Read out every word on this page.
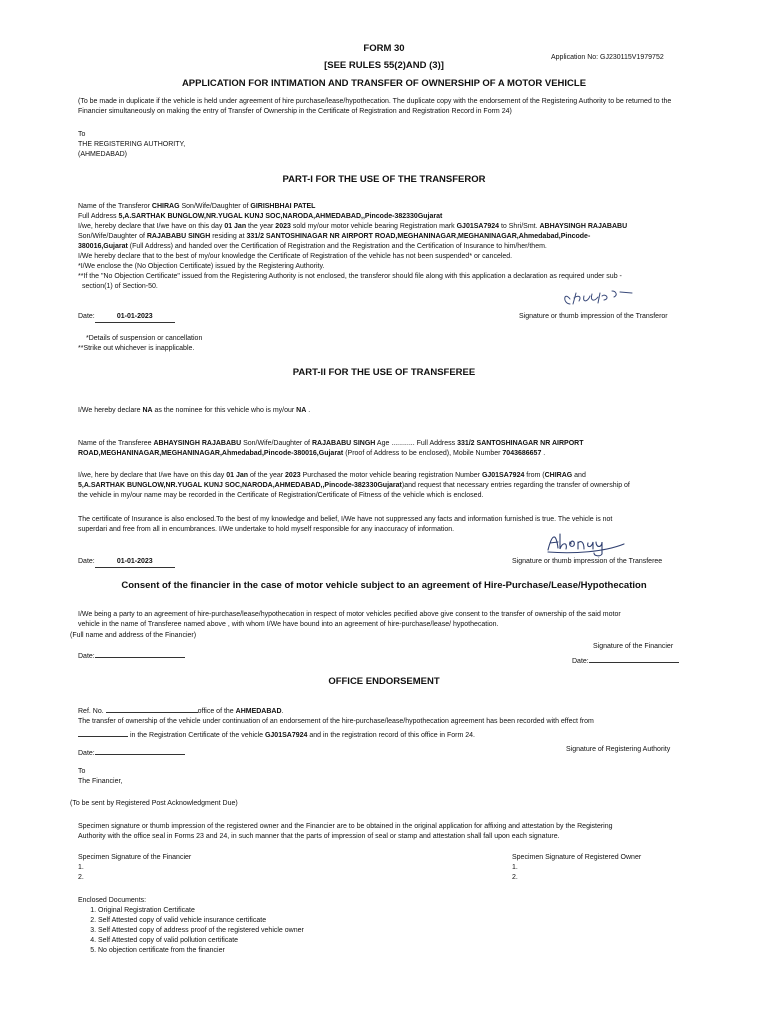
FORM 30
[SEE RULES 55(2)AND (3)]
Application No: GJ230115V1979752
APPLICATION FOR INTIMATION AND TRANSFER OF OWNERSHIP OF A MOTOR VEHICLE
(To be made in duplicate if the vehicle is held under agreement of hire purchase/lease/hypothecation. The duplicate copy with the endorsement of the Registering Authority to be returned to the Financier simultaneously on making the entry of Transfer of Ownership in the Certificate of Registration and Registration Record in Form 24)
To
THE REGISTERING AUTHORITY,
(AHMEDABAD)
PART-I FOR THE USE OF THE TRANSFEROR
Name of the Transferor CHIRAG Son/Wife/Daughter of GIRISHBHAI PATEL
Full Address 5,A.SARTHAK BUNGLOW,NR.YUGAL KUNJ SOC,NARODA,AHMEDABAD,,Pincode-382330Gujarat
I/we, hereby declare that I/we have on this day 01 Jan the year 2023 sold my/our motor vehicle bearing Registration mark GJ01SA7924 to Shri/Smt. ABHAYSINGH RAJABABU
Son/Wife/Daughter of RAJABABU SINGH residing at 331/2 SANTOSHINAGAR NR AIRPORT ROAD,MEGHANINAGAR,MEGHANINAGAR,Ahmedabad,Pincode-
380016,Gujarat (Full Address) and handed over the Certification of Registration and the Registration and the Certification of Insurance to him/her/them.
I/We hereby declare that to the best of my/our knowledge the Certificate of Registration of the vehicle has not been suspended* or canceled.
*I/We enclose the (No Objection Certificate) issued by the Registering Authority.
**If the "No Objection Certificate" issued from the Registering Authority is not enclosed, the transferor should file along with this application a declaration as required under sub -
section(1) of Section-50.
Date:	01-01-2023	Signature or thumb impression of the Transferor
*Details of suspension or cancellation
**Strike out whichever is inapplicable.
PART-II FOR THE USE OF TRANSFEREE
I/We hereby declare NA as the nominee for this vehicle who is my/our NA .
Name of the Transferee ABHAYSINGH RAJABABU Son/Wife/Daughter of RAJABABU SINGH Age ............ Full Address 331/2 SANTOSHINAGAR NR AIRPORT
ROAD,MEGHANINAGAR,MEGHANINAGAR,Ahmedabad,Pincode-380016,Gujarat (Proof of Address to be enclosed), Mobile Number 7043686657 .
I/we, here by declare that I/we have on this day 01 Jan of the year 2023 Purchased the motor vehicle bearing registration Number GJ01SA7924 from (CHIRAG and
5,A.SARTHAK BUNGLOW,NR.YUGAL KUNJ SOC,NARODA,AHMEDABAD,,Pincode-382330Gujarat)and request that necessary entries regarding the transfer of ownership of
the vehicle in my/our name may be recorded in the Certificate of Registration/Certificate of Fitness of the vehicle which is enclosed.
The certificate of Insurance is also enclosed.To the best of my knowledge and belief, I/We have not suppressed any facts and information furnished is true. The vehicle is not
superdari and free from all in encumbrances. I/We undertake to hold myself responsible for any inaccuracy of information.
Date:	01-01-2023	Signature or thumb impression of the Transferee
Consent of the financier in the case of motor vehicle subject to an agreement of Hire-Purchase/Lease/Hypothecation
I/We being a party to an agreement of hire-purchase/lease/hypothecation in respect of motor vehicles pecified above give consent to the transfer of ownership of the said motor
vehicle in the name of Transferee named above , with whom I/We have bound into an agreement of hire-purchase/lease/ hypothecation.
(Full name and address of the Financier)
Date:
Signature of the Financier
Date:
OFFICE ENDORSEMENT
Ref. No.	office of the AHMEDABAD.
The transfer of ownership of the vehicle under continuation of an endorsement of the hire-purchase/lease/hypothecation agreement has been recorded with effect from
in the Registration Certificate of the vehicle GJ01SA7924 and in the registration record of this office in Form 24.
Date:
Signature of Registering Authority
To
The Financier,
(To be sent by Registered Post Acknowledgment Due)
Specimen signature or thumb impression of the registered owner and the Financier are to be obtained in the original application for affixing and attestation by the Registering
Authority with the office seal in Forms 23 and 24, in such manner that the parts of impression of seal or stamp and attestation shall fall upon each signature.
Specimen Signature of the Financier
1.
2.
Specimen Signature of Registered Owner
1.
2.
Enclosed Documents:
1. Original Registration Certificate
2. Self Attested copy of valid vehicle insurance certificate
3. Self Attested copy of address proof of the registered vehicle owner
4. Self Attested copy of valid pollution certificate
5. No objection certificate from the financier
